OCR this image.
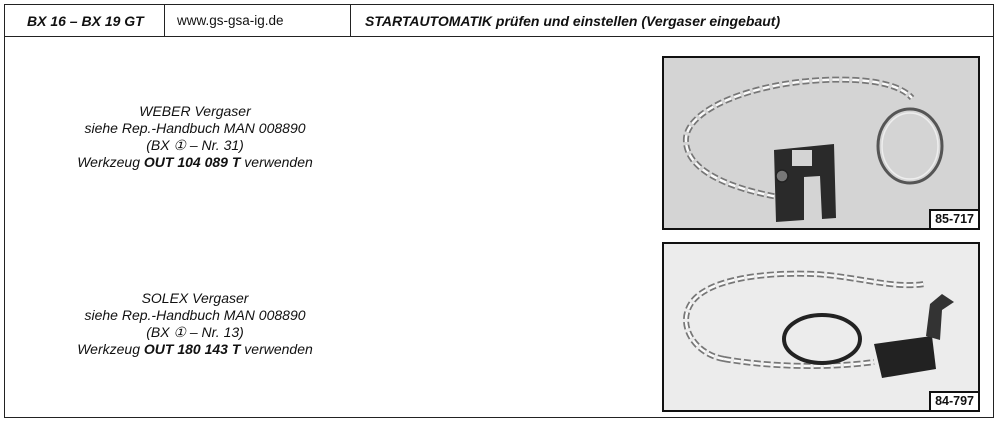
BX 16 – BX 19 GT	www.gs-gsa-ig.de	STARTAUTOMATIK prüfen und einstellen (Vergaser eingebaut)
WEBER Vergaser
siehe Rep.-Handbuch MAN 008890
(BX ① – Nr. 31)
Werkzeug OUT 104 089 T verwenden
SOLEX Vergaser
siehe Rep.-Handbuch MAN 008890
(BX ① – Nr. 13)
Werkzeug OUT 180 143 T verwenden
85-717
84-797
